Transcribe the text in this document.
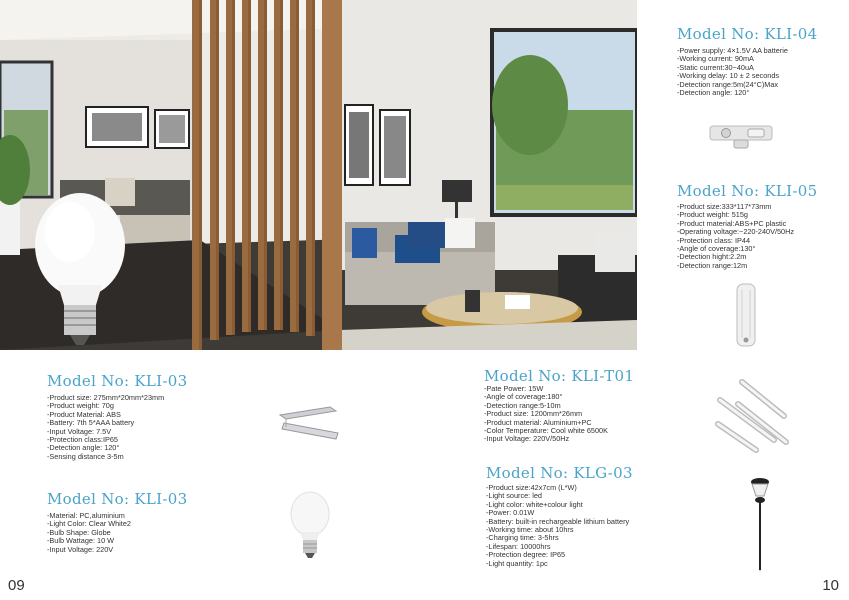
Model No: KLI-04
-Power supply: 4×1.5V AA batterie
-Working current: 90mA
-Static current:30~40uA
-Working delay: 10 ± 2 seconds
-Detection range:5m(24°C)Max
-Detection angle: 120°
Model No: KLI-05
-Product size:333*117*73mm
-Product weight: 515g
-Product material:ABS+PC plastic
-Operating voltage:~220-240V/50Hz
-Protection class: IP44
-Angle of coverage:130°
-Detection hight:2.2m
-Detection range:12m
Model No: KLI-03
-Product size: 275mm*20mm*23mm
-Product weight: 70g
-Product Material: ABS
-Battery: 7th 5*AAA battery
-Input Voltage: 7.5V
-Protection class:IP65
-Detection angle: 120°
-Sensing distance 3-5m
Model No: KLI-03
-Material: PC,aluminium
-Light Color: Clear White2
-Bulb Shape: Globe
-Bulb Wattage: 10 W
-Input Voltage: 220V
Model No: KLI-T01
-Pate Power: 15W
-Angle of coverage:180°
-Detection range:5-10m
-Product size: 1200mm*26mm
-Product material: Aluminium+PC
-Color Temperature: Cool white 6500K
-Input Voltage: 220V/50Hz
Model No: KLG-03
-Product size:42x7cm (L*W)
-Light source: led
-Light color: white+colour light
-Power: 0.01W
-Battery: built-in rechargeable lithium battery
-Working time: about 10hrs
-Charging time: 3-5hrs
-Lifespan: 10000hrs
-Protection degree: IP65
-Light quantity: 1pc
09	10
